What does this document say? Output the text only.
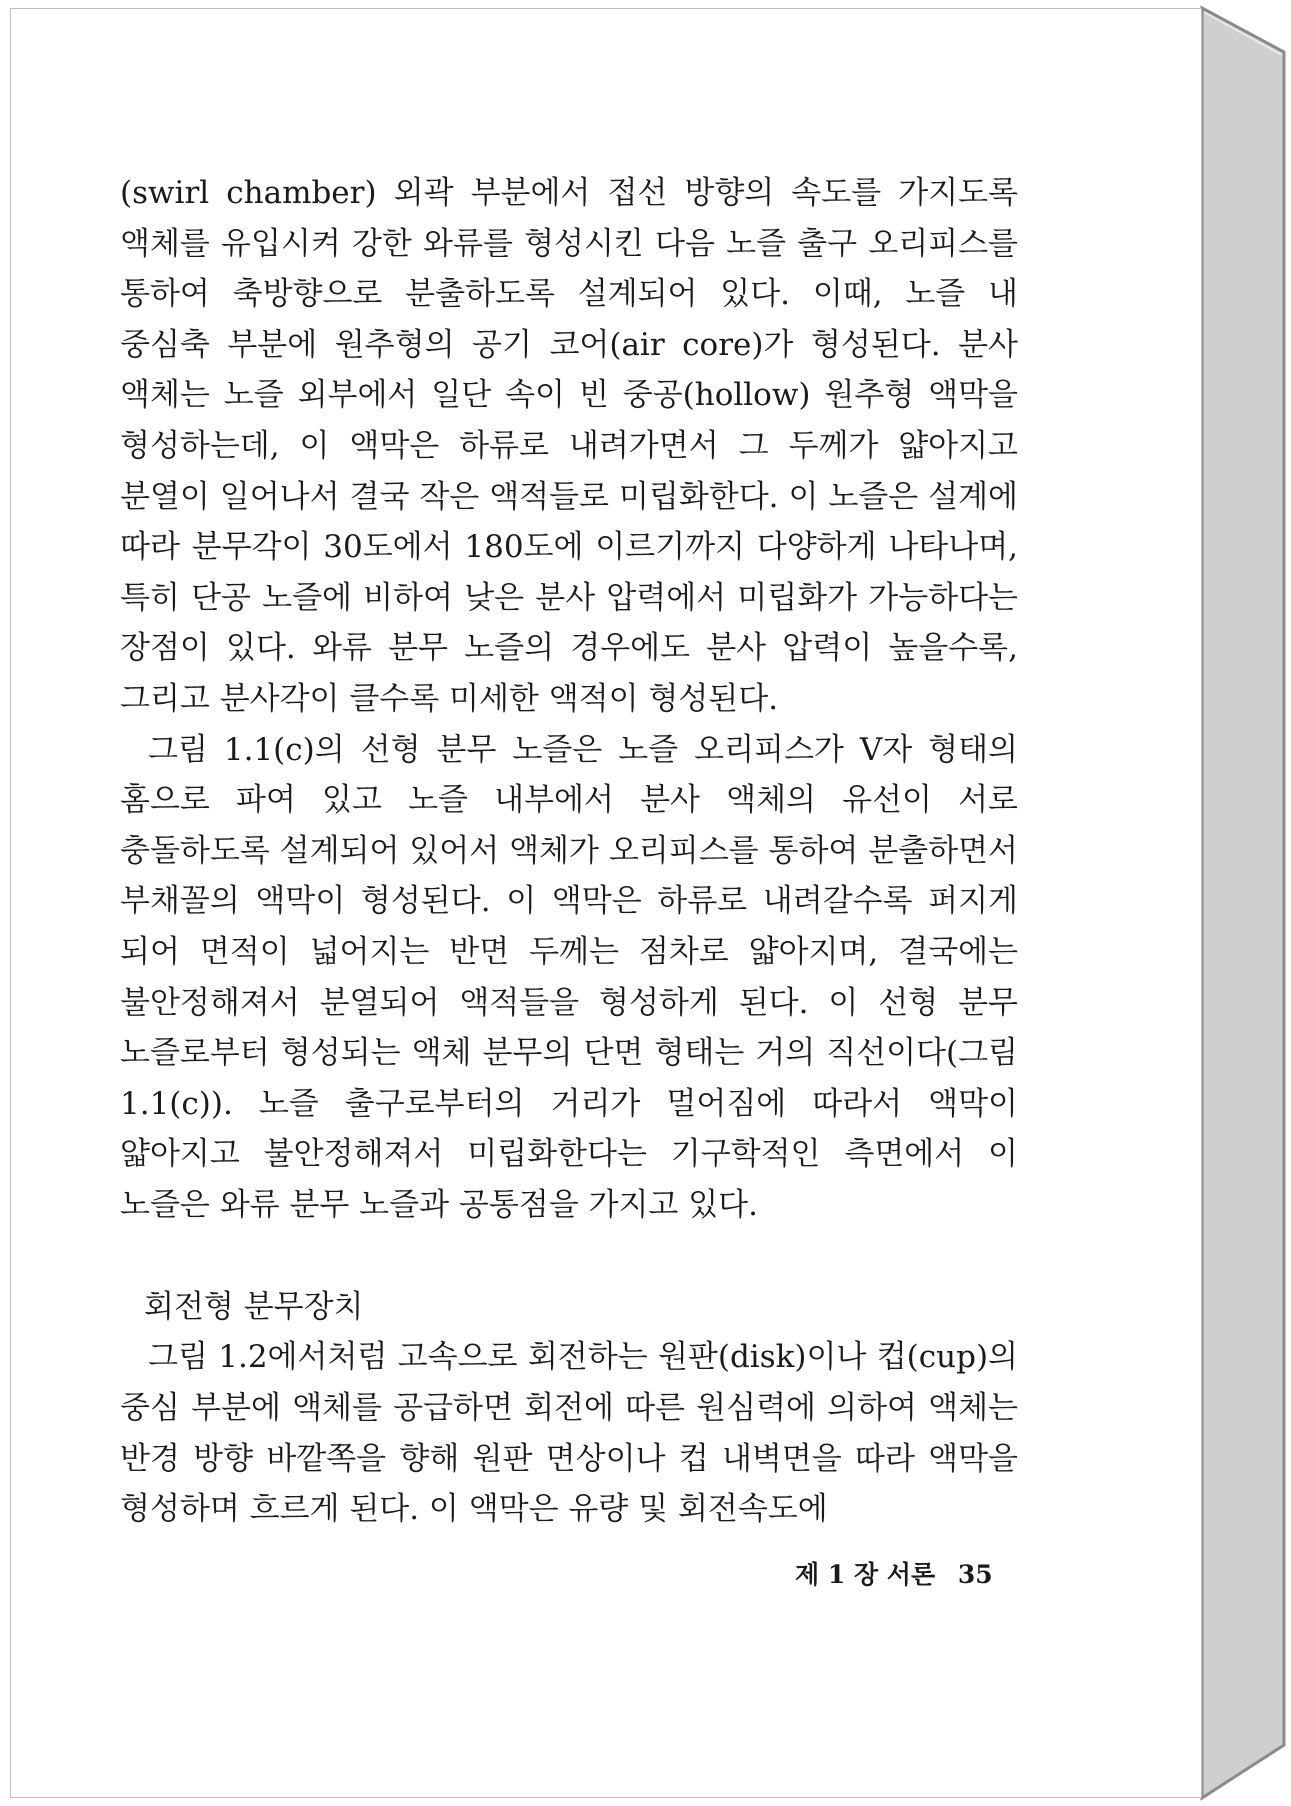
(swirl chamber) 외곽 부분에서 접선 방향의 속도를 가지도록 액체를 유입시켜 강한 와류를 형성시킨 다음 노즐 출구 오리피스를 통하여 축방향으로 분출하도록 설계되어 있다. 이때, 노즐 내 중심축 부분에 원추형의 공기 코어(air core)가 형성된다. 분사 액체는 노즐 외부에서 일단 속이 빈 중공(hollow) 원추형 액막을 형성하는데, 이 액막은 하류로 내려가면서 그 두께가 얇아지고 분열이 일어나서 결국 작은 액적들로 미립화한다. 이 노즐은 설계에 따라 분무각이 30도에서 180도에 이르기까지 다양하게 나타나며, 특히 단공 노즐에 비하여 낮은 분사 압력에서 미립화가 가능하다는 장점이 있다. 와류 분무 노즐의 경우에도 분사 압력이 높을수록, 그리고 분사각이 클수록 미세한 액적이 형성된다.

그림 1.1(c)의 선형 분무 노즐은 노즐 오리피스가 V자 형태의 홈으로 파여 있고 노즐 내부에서 분사 액체의 유선이 서로 충돌하도록 설계되어 있어서 액체가 오리피스를 통하여 분출하면서 부채꼴의 액막이 형성된다. 이 액막은 하류로 내려갈수록 퍼지게 되어 면적이 넓어지는 반면 두께는 점차로 얇아지며, 결국에는 불안정해져서 분열되어 액적들을 형성하게 된다. 이 선형 분무 노즐로부터 형성되는 액체 분무의 단면 형태는 거의 직선이다(그림 1.1(c)). 노즐 출구로부터의 거리가 멀어짐에 따라서 액막이 얇아지고 불안정해져서 미립화한다는 기구학적인 측면에서 이 노즐은 와류 분무 노즐과 공통점을 가지고 있다.

회전형 분무장치

그림 1.2에서처럼 고속으로 회전하는 원판(disk)이나 컵(cup)의 중심 부분에 액체를 공급하면 회전에 따른 원심력에 의하여 액체는 반경 방향 바깥쪽을 향해 원판 면상이나 컵 내벽면을 따라 액막을 형성하며 흐르게 된다. 이 액막은 유량 및 회전속도에

제 1 장 서론 35
